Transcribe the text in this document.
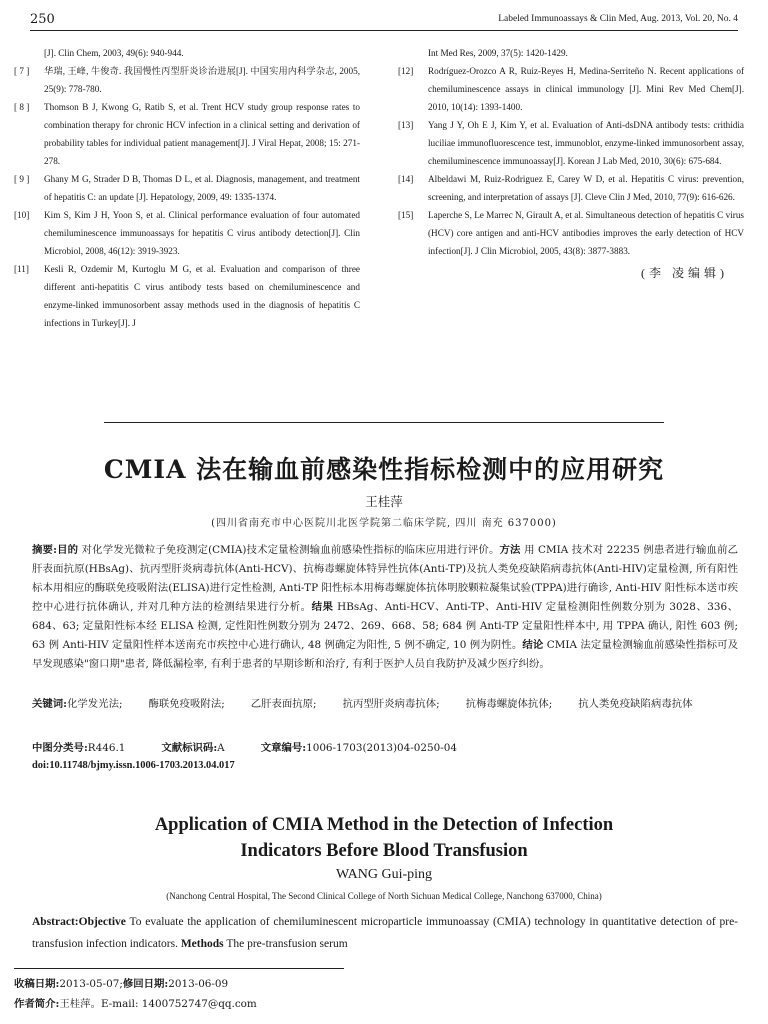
250	Labeled Immunoassays & Clin Med, Aug. 2013, Vol. 20, No. 4
[J]. Clin Chem, 2003, 49(6): 940-944.
[ 7 ]	华瑞, 王峰, 牛俊奇. 我国慢性丙型肝炎诊治进展[J]. 中国实用内科学杂志, 2005, 25(9): 778-780.
[ 8 ]	Thomson B J, Kwong G, Ratib S, et al. Trent HCV study group response rates to combination therapy for chronic HCV infection in a clinical setting and derivation of probability tables for individual patient management[J]. J Viral Hepat, 2008; 15: 271-278.
[ 9 ]	Ghany M G, Strader D B, Thomas D L, et al. Diagnosis, management, and treatment of hepatitis C: an update [J]. Hepatology, 2009, 49: 1335-1374.
[10]	Kim S, Kim J H, Yoon S, et al. Clinical performance evaluation of four automated chemiluminescence immunoassays for hepatitis C virus antibody detection[J]. Clin Microbiol, 2008, 46(12): 3919-3923.
[11]	Kesli R, Ozdemir M, Kurtoglu M G, et al. Evaluation and comparison of three different anti-hepatitis C virus antibody tests based on chemiluminescence and enzyme-linked immunosorbent assay methods used in the diagnosis of hepatitis C infections in Turkey[J]. J
Int Med Res, 2009, 37(5): 1420-1429.
[12]	Rodríguez-Orozco A R, Ruiz-Reyes H, Medina-Serriteño N. Recent applications of chemiluminescence assays in clinical immunology [J]. Mini Rev Med Chem[J]. 2010, 10(14): 1393-1400.
[13]	Yang J Y, Oh E J, Kim Y, et al. Evaluation of Anti-dsDNA antibody tests: crithidia luciliae immunofluorescence test, immunoblot, enzyme-linked immunosorbent assay, chemiluminescence immunoassay[J]. Korean J Lab Med, 2010, 30(6): 675-684.
[14]	Albeldawi M, Ruiz-Rodriguez E, Carey W D, et al. Hepatitis C virus: prevention, screening, and interpretation of assays [J]. Cleve Clin J Med, 2010, 77(9): 616-626.
[15]	Laperche S, Le Marrec N, Girault A, et al. Simultaneous detection of hepatitis C virus (HCV) core antigen and anti-HCV antibodies improves the early detection of HCV infection[J]. J Clin Microbiol, 2005, 43(8): 3877-3883.
(李 凌编辑)
CMIA 法在输血前感染性指标检测中的应用研究
王桂萍
(四川省南充市中心医院川北医学院第二临床学院, 四川 南充 637000)
摘要:目的 对化学发光微粒子免疫测定(CMIA)技术定量检测输血前感染性指标的临床应用进行评价。方法 用 CMIA 技术对 22235 例患者进行输血前乙肝表面抗原(HBsAg)、抗丙型肝炎病毒抗体(Anti-HCV)、抗梅毒螺旋体特异性抗体(Anti-TP)及抗人类免疫缺陷病毒抗体(Anti-HIV)定量检测, 所有阳性标本用相应的酶联免疫吸附法(ELISA)进行定性检测, Anti-TP 阳性标本用梅毒螺旋体抗体明胶颗粒凝集试验(TPPA)进行确诊, Anti-HIV 阳性标本送市疾控中心进行抗体确认, 并对几种方法的检测结果进行分析。结果 HBsAg、Anti-HCV、Anti-TP、Anti-HIV 定量检测阳性例数分别为 3028、336、684、63; 定量阳性标本经 ELISA 检测, 定性阳性例数分别为 2472、269、668、58; 684 例 Anti-TP 定量阳性样本中, 用 TPPA 确认, 阳性 603 例; 63 例 Anti-HIV 定量阳性样本送南充市疾控中心进行确认, 48 例确定为阳性, 5 例不确定, 10 例为阴性。结论 CMIA 法定量检测输血前感染性指标可及早发现感染"窗口期"患者, 降低漏检率, 有利于患者的早期诊断和治疗, 有利于医护人员自我防护及减少医疗纠纷。
关键词: 化学发光法;	酶联免疫吸附法;	乙肝表面抗原;	抗丙型肝炎病毒抗体;	抗梅毒螺旋体抗体;	抗人类免疫缺陷病毒抗体
中图分类号:R446.1	文献标识码:A	文章编号:1006-1703(2013)04-0250-04
doi:10.11748/bjmy.issn.1006-1703.2013.04.017
Application of CMIA Method in the Detection of Infection
Indicators Before Blood Transfusion
WANG Gui-ping
(Nanchong Central Hospital, The Second Clinical College of North Sichuan Medical College, Nanchong 637000, China)
Abstract:Objective To evaluate the application of chemiluminescent microparticle immunoassay (CMIA) technology in quantitative detection of pre-transfusion infection indicators. Methods The pre-transfusion serum
收稿日期:2013-05-07;修回日期:2013-06-09
作者简介:王桂萍。E-mail: 1400752747@qq.com
